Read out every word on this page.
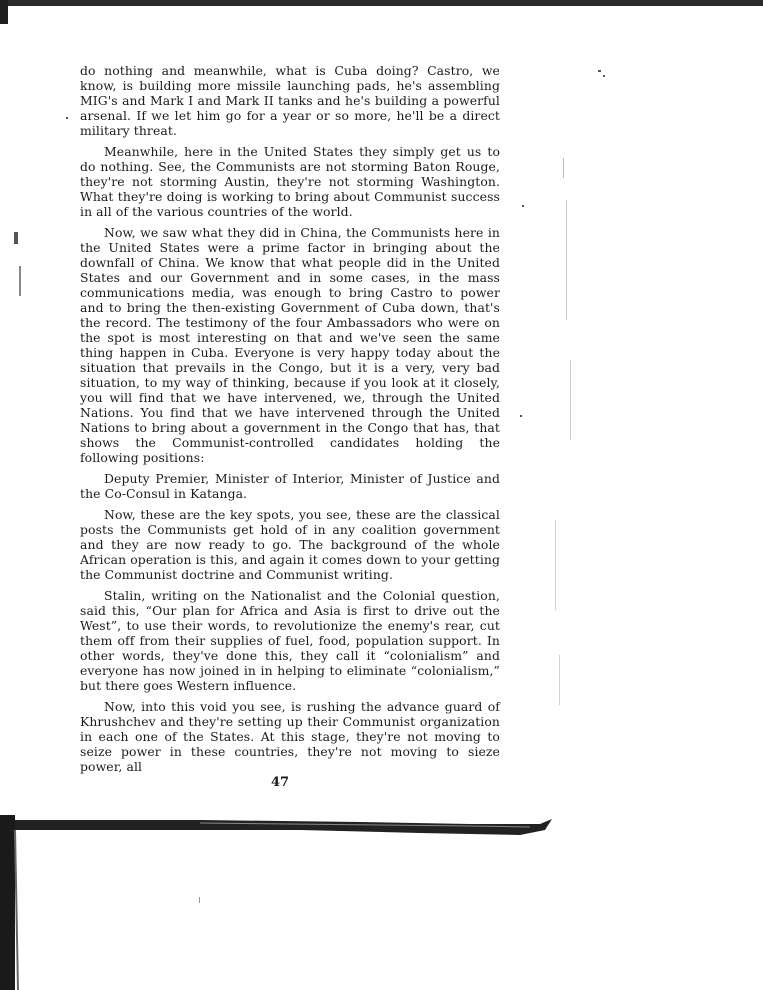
do nothing and meanwhile, what is Cuba doing? Castro, we know, is building more missile launching pads, he's assembling MIG's and Mark I and Mark II tanks and he's building a powerful arsenal. If we let him go for a year or so more, he'll be a direct military threat.

Meanwhile, here in the United States they simply get us to do nothing. See, the Communists are not storming Baton Rouge, they're not storming Austin, they're not storming Washington. What they're doing is working to bring about Communist success in all of the various countries of the world.

Now, we saw what they did in China, the Communists here in the United States were a prime factor in bringing about the downfall of China. We know that what people did in the United States and our Government and in some cases, in the mass communications media, was enough to bring Castro to power and to bring the then-existing Government of Cuba down, that's the record. The testimony of the four Ambassadors who were on the spot is most interesting on that and we've seen the same thing happen in Cuba. Everyone is very happy today about the situation that prevails in the Congo, but it is a very, very bad situation, to my way of thinking, because if you look at it closely, you will find that we have intervened, we, through the United Nations. You find that we have intervened through the United Nations to bring about a government in the Congo that has, that shows the Communist-controlled candidates holding the following positions:

Deputy Premier, Minister of Interior, Minister of Justice and the Co-Consul in Katanga.

Now, these are the key spots, you see, these are the classical posts the Communists get hold of in any coalition government and they are now ready to go. The background of the whole African operation is this, and again it comes down to your getting the Communist doctrine and Communist writing.

Stalin, writing on the Nationalist and the Colonial question, said this, “Our plan for Africa and Asia is first to drive out the West”, to use their words, to revolutionize the enemy's rear, cut them off from their supplies of fuel, food, population support. In other words, they've done this, they call it “colonialism” and everyone has now joined in in helping to eliminate “colonialism,” but there goes Western influence.

Now, into this void you see, is rushing the advance guard of Khrushchev and they're setting up their Communist organization in each one of the States. At this stage, they're not moving to seize power in these countries, they're not moving to sieze power, all

47
